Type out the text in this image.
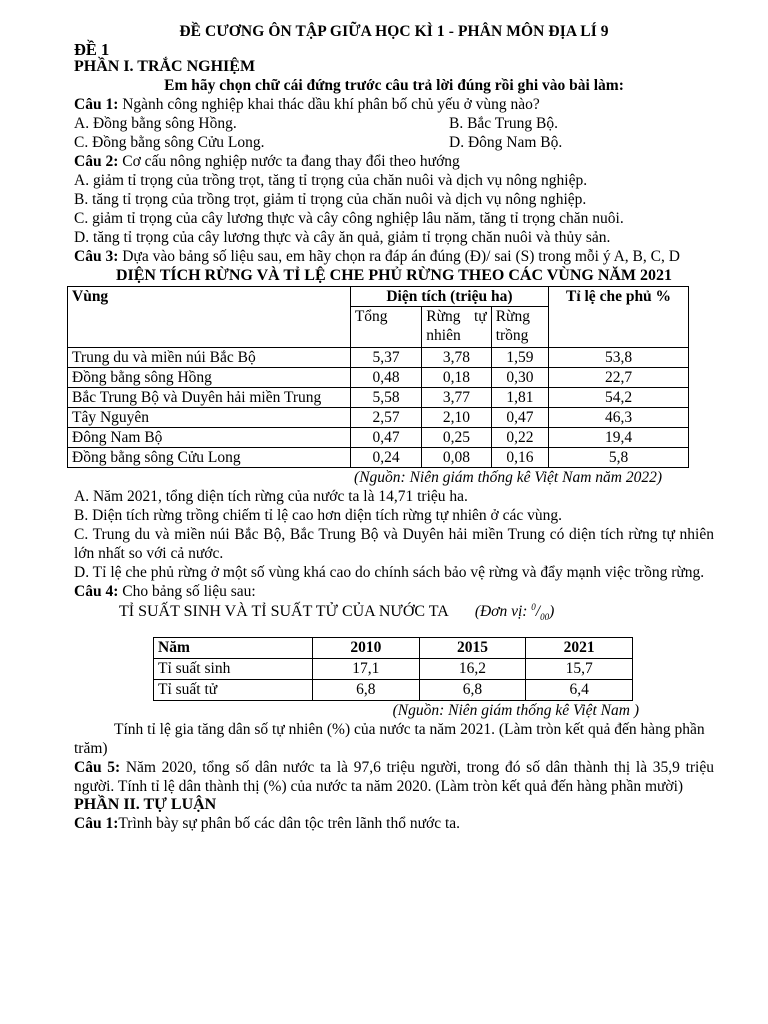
ĐỀ CƯƠNG ÔN TẬP GIỮA HỌC KÌ 1 - PHÂN MÔN ĐỊA LÍ 9

ĐỀ 1

PHẦN I. TRẮC NGHIỆM

Em hãy chọn chữ cái đứng trước câu trả lời đúng rồi ghi vào bài làm:

Câu 1: Ngành công nghiệp khai thác dầu khí phân bố chủ yếu ở vùng nào?

A. Đồng bằng sông Hồng.	B. Bắc Trung Bộ.
C. Đồng bằng sông Cửu Long.	D. Đông Nam Bộ.

Câu 2: Cơ cấu nông nghiệp nước ta đang thay đổi theo hướng

A. giảm tỉ trọng của trồng trọt, tăng tỉ trọng của chăn nuôi và dịch vụ nông nghiệp.

B. tăng tỉ trọng của trồng trọt, giảm tỉ trọng của chăn nuôi và dịch vụ nông nghiệp.

C. giảm tỉ trọng của cây lương thực và cây công nghiệp lâu năm, tăng tỉ trọng chăn nuôi.

D. tăng tỉ trọng của cây lương thực và cây ăn quả, giảm tỉ trọng chăn nuôi và thủy sản.

Câu 3: Dựa vào bảng số liệu sau, em hãy chọn ra đáp án đúng (Đ)/ sai (S) trong mỗi ý A, B, C, D

DIỆN TÍCH RỪNG VÀ TỈ LỆ CHE PHỦ RỪNG THEO CÁC VÙNG NĂM 2021

Vùng	Diện tích (triệu ha)			Tỉ lệ che phủ %
	Tổng	Rừng tự nhiên	Rừng trồng	
Trung du và miền núi Bắc Bộ	5,37	3,78	1,59	53,8
Đồng bằng sông Hồng	0,48	0,18	0,30	22,7
Bắc Trung Bộ và Duyên hải miền Trung	5,58	3,77	1,81	54,2
Tây Nguyên	2,57	2,10	0,47	46,3
Đông Nam Bộ	0,47	0,25	0,22	19,4
Đồng bằng sông Cửu Long	0,24	0,08	0,16	5,8

(Nguồn: Niên giám thống kê Việt Nam năm 2022)

A. Năm 2021, tổng diện tích rừng của nước ta là 14,71 triệu ha.

B. Diện tích rừng trồng chiếm tỉ lệ cao hơn diện tích rừng tự nhiên ở các vùng.

C. Trung du và miền núi Bắc Bộ, Bắc Trung Bộ và Duyên hải miền Trung có diện tích rừng tự nhiên lớn nhất so với cả nước.

D. Tỉ lệ che phủ rừng ở một số vùng khá cao do chính sách bảo vệ rừng và đẩy mạnh việc trồng rừng.

Câu 4: Cho bảng số liệu sau:

TỈ SUẤT SINH VÀ TỈ SUẤT TỬ CỦA NƯỚC TA (Đơn vị: $^0/_{00}$)
Năm	2010	2015	2021
Tỉ suất sinh	17,1	16,2	15,7
Tỉ suất tử	6,8	6,8	6,4

(Nguồn: Niên giám thống kê Việt Nam )

Tính tỉ lệ gia tăng dân số tự nhiên (%) của nước ta năm 2021. (Làm tròn kết quả đến hàng phần trăm)

Câu 5: Năm 2020, tổng số dân nước ta là 97,6 triệu người, trong đó số dân thành thị là 35,9 triệu người. Tính tỉ lệ dân thành thị (%) của nước ta năm 2020. (Làm tròn kết quả đến hàng phần mười)

PHẦN II. TỰ LUẬN

Câu 1:Trình bày sự phân bố các dân tộc trên lãnh thổ nước ta.
